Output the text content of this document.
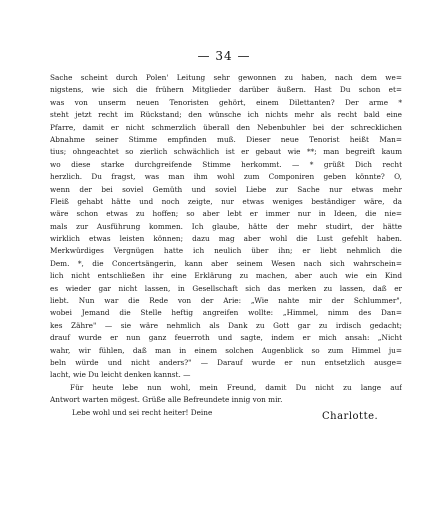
— 34 —
Sache scheint durch Polen' Leitung sehr gewonnen zu haben, nach dem we=
nigstens, wie sich die frühern Mitglieder darüber äußern. Hast Du schon et=
was von unserm neuen Tenoristen gehört, einem Dilettanten? Der arme *
steht jetzt recht im Rückstand; den wünsche ich nichts mehr als recht bald eine
Pfarre, damit er nicht schmerzlich überall den Nebenbuhler bei der schrecklichen
Abnahme seiner Stimme empfinden muß. Dieser neue Tenorist heißt Man=
tius; ohngeachtet so zierlich schwächlich ist er gebaut wie **; man begreift kaum
wo diese starke durchgreifende Stimme herkommt. — * grüßt Dich recht
herzlich. Du fragst, was man ihm wohl zum Componiren geben könnte? O,
wenn der bei soviel Gemüth und soviel Liebe zur Sache nur etwas mehr
Fleiß gehabt hätte und noch zeigte, nur etwas weniges beständiger wäre, da
wäre schon etwas zu hoffen; so aber lebt er immer nur in Ideen, die nie=
mals zur Ausführung kommen. Ich glaube, hätte der mehr studirt, der hätte
wirklich etwas leisten können; dazu mag aber wohl die Lust gefehlt haben.
Merkwürdiges Vergnügen hatte ich neulich über ihn; er liebt nehmlich die
Dem. *, die Concertsängerin, kann aber seinem Wesen nach sich wahrschein=
lich nicht entschließen ihr eine Erklärung zu machen, aber auch wie ein Kind
es wieder gar nicht lassen, in Gesellschaft sich das merken zu lassen, daß er
liebt. Nun war die Rede von der Arie: „Wie nahte mir der Schlummer",
wobei Jemand die Stelle heftig angreifen wollte: „Himmel, nimm des Dan=
kes Zähre" — sie wäre nehmlich als Dank zu Gott gar zu irdisch gedacht;
drauf wurde er nun ganz feuerroth und sagte, indem er mich ansah: „Nicht
wahr, wir fühlen, daß man in einem solchen Augenblick so zum Himmel ju=
beln würde und nicht anders?" — Darauf wurde er nun entsetzlich ausge=
lacht, wie Du leicht denken kannst. —
Für heute lebe nun wohl, mein Freund, damit Du nicht zu lange auf
Antwort warten mögest. Grüße alle Befreundete innig von mir.
Lebe wohl und sei recht heiter! Deine	Charlotte.
